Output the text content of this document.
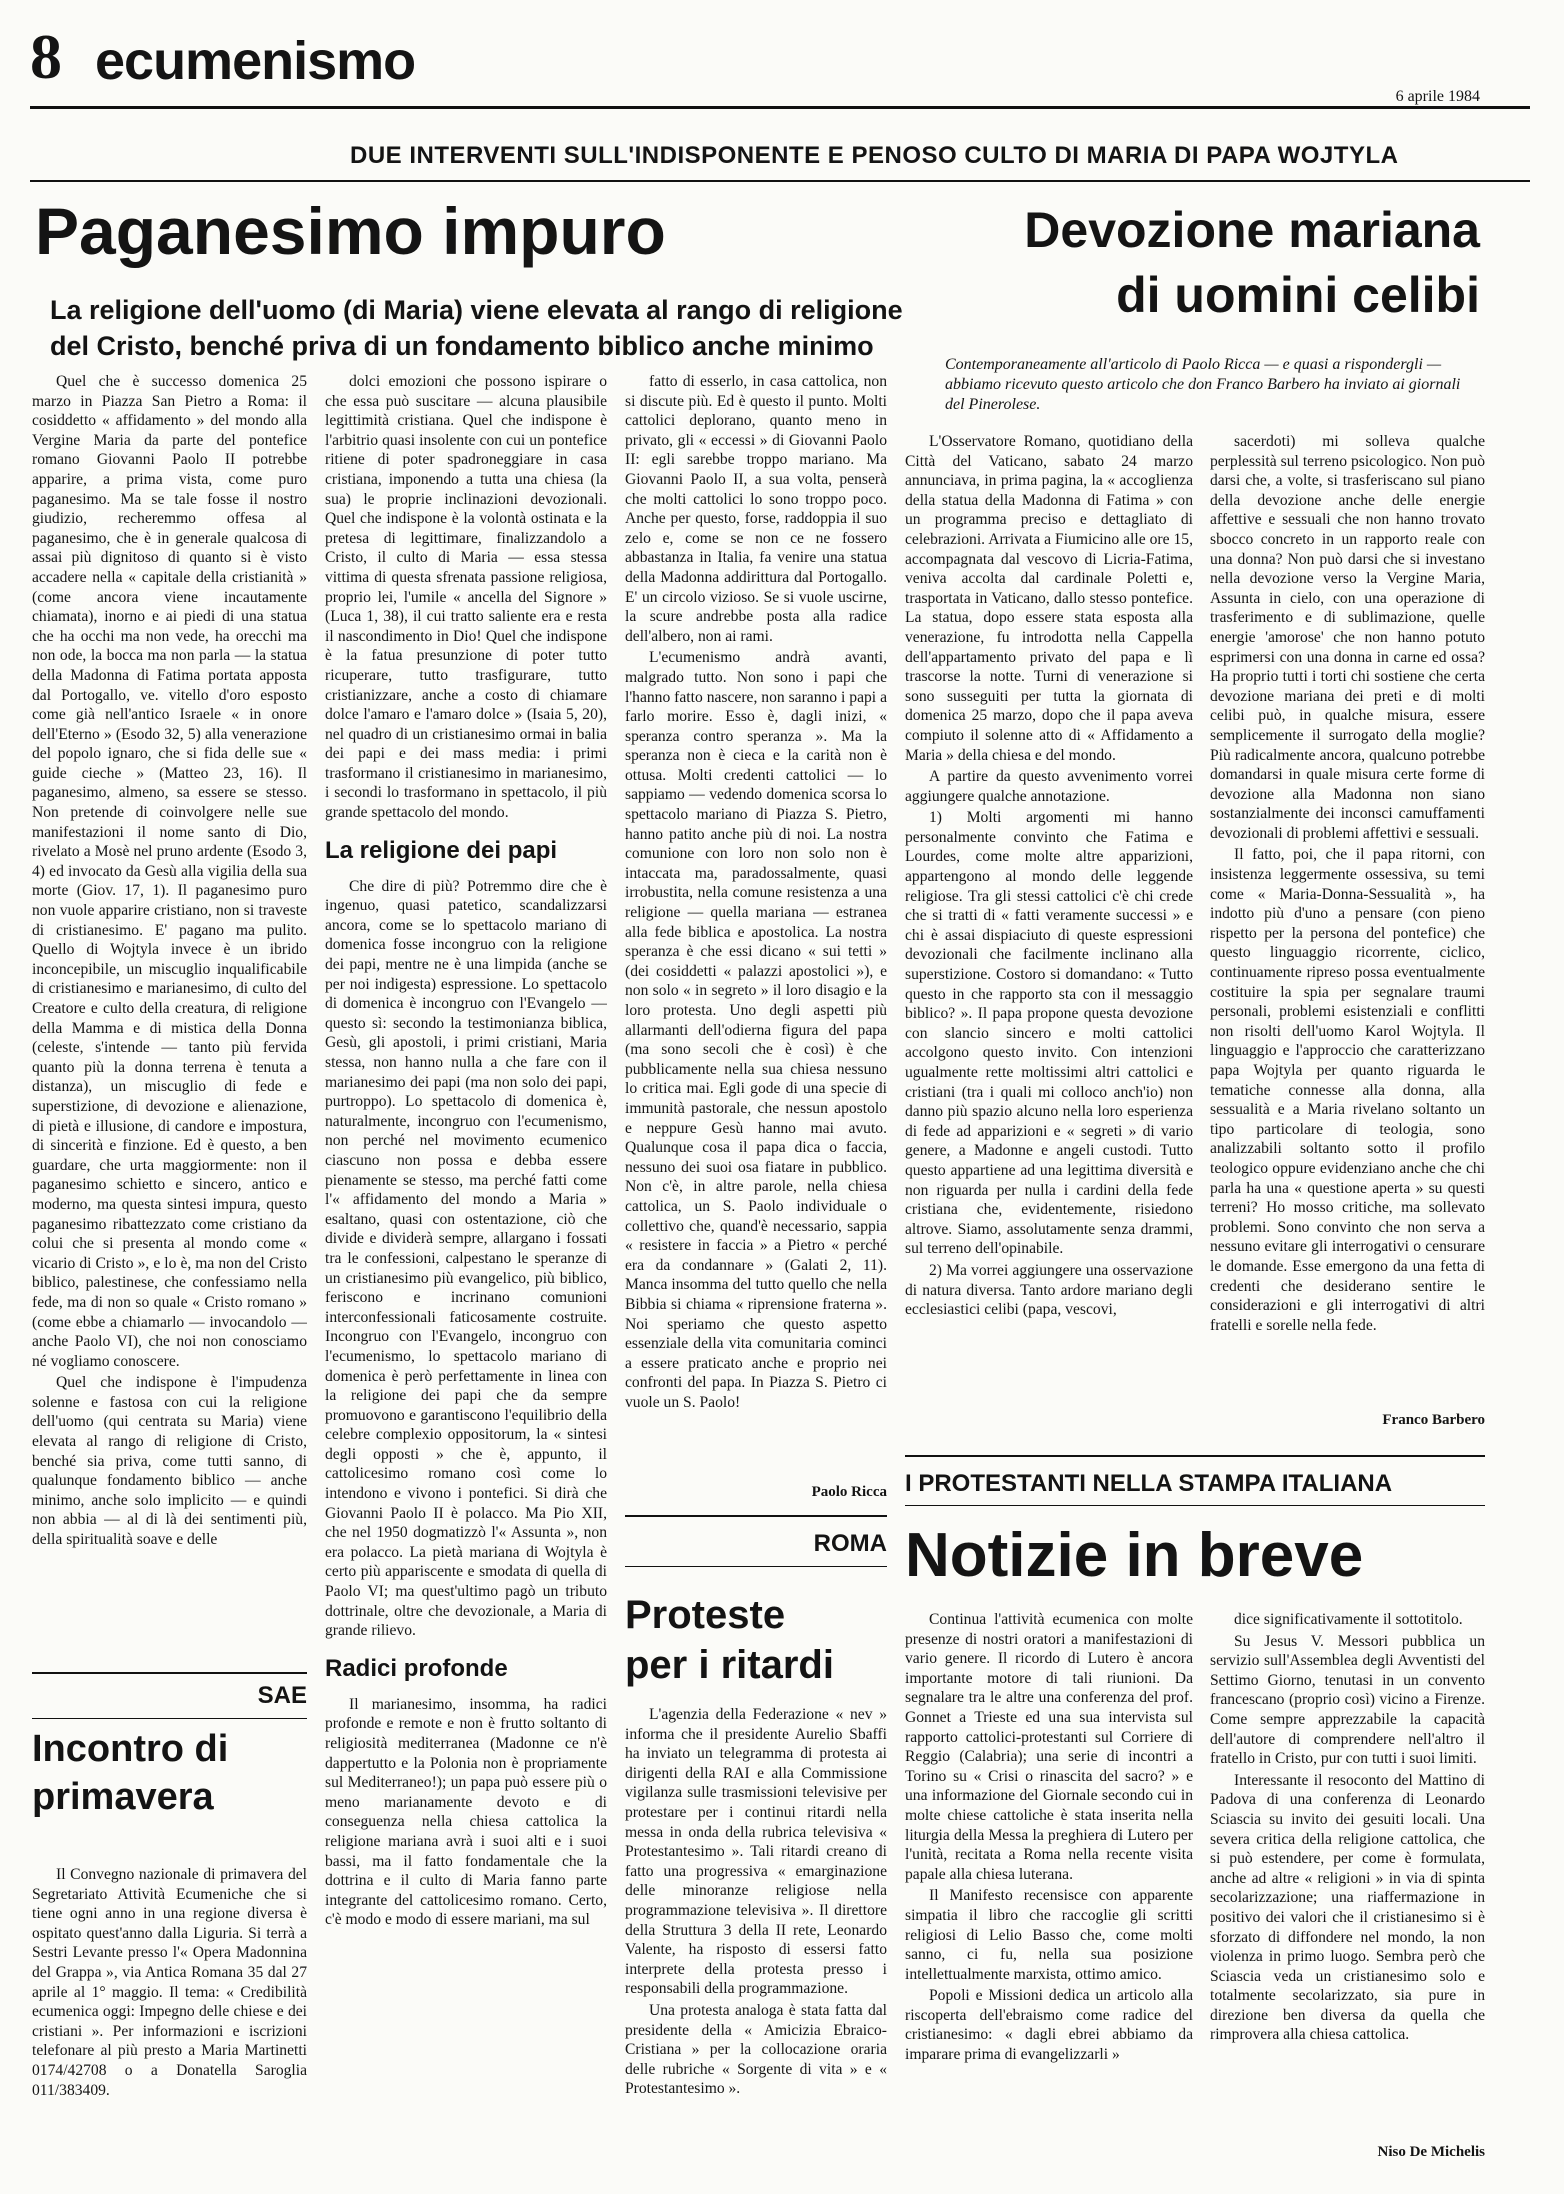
8 ecumenismo
6 aprile 1984
DUE INTERVENTI SULL'INDISPONENTE E PENOSO CULTO DI MARIA DI PAPA WOJTYLA
Paganesimo impuro
La religione dell'uomo (di Maria) viene elevata al rango di religione del Cristo, benché priva di un fondamento biblico anche minimo

Quel che è successo domenica 25 marzo in Piazza San Pietro a Roma: il cosiddetto « affidamento » del mondo alla Vergine Maria da parte del pontefice romano Giovanni Paolo II potrebbe apparire, a prima vista, come puro paganesimo. Ma se tale fosse il nostro giudizio, recheremmo offesa al paganesimo, che è in generale qualcosa di assai più dignitoso di quanto si è visto accadere nella « capitale della cristianità » (come ancora viene incautamente chiamata), inorno e ai piedi di una statua che ha occhi ma non vede, ha orecchi ma non ode, la bocca ma non parla — la statua della Madonna di Fatima portata apposta dal Portogallo, ve. vitello d'oro esposto come già nell'antico Israele « in onore dell'Eterno » (Esodo 32, 5) alla venerazione del popolo ignaro, che si fida delle sue « guide cieche » (Matteo 23, 16). Il paganesimo, almeno, sa essere se stesso. Non pretende di coinvolgere nelle sue manifestazioni il nome santo di Dio, rivelato a Mosè nel pruno ardente (Esodo 3, 4) ed invocato da Gesù alla vigilia della sua morte (Giov. 17, 1). Il paganesimo puro non vuole apparire cristiano, non si traveste di cristianesimo. E' pagano ma pulito. Quello di Wojtyla invece è un ibrido inconcepibile, un miscuglio inqualificabile di cristianesimo e marianesimo, di culto del Creatore e culto della creatura, di religione della Mamma e di mistica della Donna (celeste, s'intende — tanto più fervida quanto più la donna terrena è tenuta a distanza), un miscuglio di fede e superstizione, di devozione e alienazione, di pietà e illusione, di candore e impostura, di sincerità e finzione. Ed è questo, a ben guardare, che urta maggiormente: non il paganesimo schietto e sincero, antico e moderno, ma questa sintesi impura, questo paganesimo ribattezzato come cristiano da colui che si presenta al mondo come « vicario di Cristo », e lo è, ma non del Cristo biblico, palestinese, che confessiamo nella fede, ma di non so quale « Cristo romano » (come ebbe a chiamarlo — invocandolo — anche Paolo VI), che noi non conosciamo né vogliamo conoscere.

Quel che indispone è l'impudenza solenne e fastosa con cui la religione dell'uomo (qui centrata su Maria) viene elevata al rango di religione di Cristo, benché sia priva, come tutti sanno, di qualunque fondamento biblico — anche minimo, anche solo implicito — e quindi non abbia — al di là dei sentimenti più, della spiritualità soave e delle

dolci emozioni che possono ispirare o che essa può suscitare — alcuna plausibile legittimità cristiana. Quel che indispone è l'arbitrio quasi insolente con cui un pontefice ritiene di poter spadroneggiare in casa cristiana, imponendo a tutta una chiesa (la sua) le proprie inclinazioni devozionali. Quel che indispone è la volontà ostinata e la pretesa di legittimare, finalizzandolo a Cristo, il culto di Maria — essa stessa vittima di questa sfrenata passione religiosa, proprio lei, l'umile « ancella del Signore » (Luca 1, 38), il cui tratto saliente era e resta il nascondimento in Dio! Quel che indispone è la fatua presunzione di poter tutto ricuperare, tutto trasfigurare, tutto cristianizzare, anche a costo di chiamare dolce l'amaro e l'amaro dolce » (Isaia 5, 20), nel quadro di un cristianesimo ormai in balia dei papi e dei mass media: i primi trasformano il cristianesimo in marianesimo, i secondi lo trasformano in spettacolo, il più grande spettacolo del mondo.

La religione dei papi

Che dire di più? Potremmo dire che è ingenuo, quasi patetico, scandalizzarsi ancora, come se lo spettacolo mariano di domenica fosse incongruo con la religione dei papi, mentre ne è una limpida (anche se per noi indigesta) espressione. Lo spettacolo di domenica è incongruo con l'Evangelo — questo sì: secondo la testimonianza biblica, Gesù, gli apostoli, i primi cristiani, Maria stessa, non hanno nulla a che fare con il marianesimo dei papi (ma non solo dei papi, purtroppo). Lo spettacolo di domenica è, naturalmente, incongruo con l'ecumenismo, non perché nel movimento ecumenico ciascuno non possa e debba essere pienamente se stesso, ma perché fatti come l'« affidamento del mondo a Maria » esaltano, quasi con ostentazione, ciò che divide e dividerà sempre, allargano i fossati tra le confessioni, calpestano le speranze di un cristianesimo più evangelico, più biblico, feriscono e incrinano comunioni interconfessionali faticosamente costruite. Incongruo con l'Evangelo, incongruo con l'ecumenismo, lo spettacolo mariano di domenica è però perfettamente in linea con la religione dei papi che da sempre promuovono e garantiscono l'equilibrio della celebre complexio oppositorum, la « sintesi degli opposti » che è, appunto, il cattolicesimo romano così come lo intendono e vivono i pontefici. Si dirà che Giovanni Paolo II è polacco. Ma Pio XII, che nel 1950 dogmatizzò l'« Assunta », non era polacco. La pietà mariana di Wojtyla è certo più appariscente e smodata di quella di Paolo VI; ma quest'ultimo pagò un tributo dottrinale, oltre che devozionale, a Maria di grande rilievo.

Radici profonde

Il marianesimo, insomma, ha radici profonde e remote e non è frutto soltanto di religiosità mediterranea (Madonne ce n'è dappertutto e la Polonia non è propriamente sul Mediterraneo!); un papa può essere più o meno marianamente devoto e di conseguenza nella chiesa cattolica la religione mariana avrà i suoi alti e i suoi bassi, ma il fatto fondamentale che la dottrina e il culto di Maria fanno parte integrante del cattolicesimo romano. Certo, c'è modo e modo di essere mariani, ma sul

fatto di esserlo, in casa cattolica, non si discute più. Ed è questo il punto. Molti cattolici deplorano, quanto meno in privato, gli « eccessi » di Giovanni Paolo II: egli sarebbe troppo mariano. Ma Giovanni Paolo II, a sua volta, penserà che molti cattolici lo sono troppo poco. Anche per questo, forse, raddoppia il suo zelo e, come se non ce ne fossero abbastanza in Italia, fa venire una statua della Madonna addirittura dal Portogallo. E' un circolo vizioso. Se si vuole uscirne, la scure andrebbe posta alla radice dell'albero, non ai rami.

L'ecumenismo andrà avanti, malgrado tutto. Non sono i papi che l'hanno fatto nascere, non saranno i papi a farlo morire. Esso è, dagli inizi, « speranza contro speranza ». Ma la speranza non è cieca e la carità non è ottusa. Molti credenti cattolici — lo sappiamo — vedendo domenica scorsa lo spettacolo mariano di Piazza S. Pietro, hanno patito anche più di noi. La nostra comunione con loro non solo non è intaccata ma, paradossalmente, quasi irrobustita, nella comune resistenza a una religione — quella mariana — estranea alla fede biblica e apostolica. La nostra speranza è che essi dicano « sui tetti » (dei cosiddetti « palazzi apostolici »), e non solo « in segreto » il loro disagio e la loro protesta. Uno degli aspetti più allarmanti dell'odierna figura del papa (ma sono secoli che è così) è che pubblicamente nella sua chiesa nessuno lo critica mai. Egli gode di una specie di immunità pastorale, che nessun apostolo e neppure Gesù hanno mai avuto. Qualunque cosa il papa dica o faccia, nessuno dei suoi osa fiatare in pubblico. Non c'è, in altre parole, nella chiesa cattolica, un S. Paolo individuale o collettivo che, quand'è necessario, sappia « resistere in faccia » a Pietro « perché era da condannare » (Galati 2, 11). Manca insomma del tutto quello che nella Bibbia si chiama « riprensione fraterna ». Noi speriamo che questo aspetto essenziale della vita comunitaria cominci a essere praticato anche e proprio nei confronti del papa. In Piazza S. Pietro ci vuole un S. Paolo!

Paolo Ricca
Devozione mariana
di uomini celibi
Contemporaneamente all'articolo di Paolo Ricca — e quasi a rispondergli — abbiamo ricevuto questo articolo che don Franco Barbero ha inviato ai giornali del Pinerolese.

L'Osservatore Romano, quotidiano della Città del Vaticano, sabato 24 marzo annunciava, in prima pagina, la « accoglienza della statua della Madonna di Fatima » con un programma preciso e dettagliato di celebrazioni. Arrivata a Fiumicino alle ore 15, accompagnata dal vescovo di Licria-Fatima, veniva accolta dal cardinale Poletti e, trasportata in Vaticano, dallo stesso pontefice. La statua, dopo essere stata esposta alla venerazione, fu introdotta nella Cappella dell'appartamento privato del papa e lì trascorse la notte. Turni di venerazione si sono susseguiti per tutta la giornata di domenica 25 marzo, dopo che il papa aveva compiuto il solenne atto di « Affidamento a Maria » della chiesa e del mondo.

A partire da questo avvenimento vorrei aggiungere qualche annotazione.

1) Molti argomenti mi hanno personalmente convinto che Fatima e Lourdes, come molte altre apparizioni, appartengono al mondo delle leggende religiose. Tra gli stessi cattolici c'è chi crede che si tratti di « fatti veramente successi » e chi è assai dispiaciuto di queste espressioni devozionali che facilmente inclinano alla superstizione. Costoro si domandano: « Tutto questo in che rapporto sta con il messaggio biblico? ». Il papa propone questa devozione con slancio sincero e molti cattolici accolgono questo invito. Con intenzioni ugualmente rette moltissimi altri cattolici e cristiani (tra i quali mi colloco anch'io) non danno più spazio alcuno nella loro esperienza di fede ad apparizioni e « segreti » di vario genere, a Madonne e angeli custodi. Tutto questo appartiene ad una legittima diversità e non riguarda per nulla i cardini della fede cristiana che, evidentemente, risiedono altrove. Siamo, assolutamente senza drammi, sul terreno dell'opinabile.

2) Ma vorrei aggiungere una osservazione di natura diversa. Tanto ardore mariano degli ecclesiastici celibi (papa, vescovi,

sacerdoti) mi solleva qualche perplessità sul terreno psicologico. Non può darsi che, a volte, si trasferiscano sul piano della devozione anche delle energie affettive e sessuali che non hanno trovato sbocco concreto in un rapporto reale con una donna? Non può darsi che si investano nella devozione verso la Vergine Maria, Assunta in cielo, con una operazione di trasferimento e di sublimazione, quelle energie 'amorose' che non hanno potuto esprimersi con una donna in carne ed ossa? Ha proprio tutti i torti chi sostiene che certa devozione mariana dei preti e di molti celibi può, in qualche misura, essere semplicemente il surrogato della moglie? Più radicalmente ancora, qualcuno potrebbe domandarsi in quale misura certe forme di devozione alla Madonna non siano sostanzialmente dei inconsci camuffamenti devozionali di problemi affettivi e sessuali.

Il fatto, poi, che il papa ritorni, con insistenza leggermente ossessiva, su temi come « Maria-Donna-Sessualità », ha indotto più d'uno a pensare (con pieno rispetto per la persona del pontefice) che questo linguaggio ricorrente, ciclico, continuamente ripreso possa eventualmente costituire la spia per segnalare traumi personali, problemi esistenziali e conflitti non risolti dell'uomo Karol Wojtyla. Il linguaggio e l'approccio che caratterizzano papa Wojtyla per quanto riguarda le tematiche connesse alla donna, alla sessualità e a Maria rivelano soltanto un tipo particolare di teologia, sono analizzabili soltanto sotto il profilo teologico oppure evidenziano anche che chi parla ha una « questione aperta » su questi terreni? Ho mosso critiche, ma sollevato problemi. Sono convinto che non serva a nessuno evitare gli interrogativi o censurare le domande. Esse emergono da una fetta di credenti che desiderano sentire le considerazioni e gli interrogativi di altri fratelli e sorelle nella fede.

Franco Barbero
SAE
Incontro di
primavera

Il Convegno nazionale di primavera del Segretariato Attività Ecumeniche che si tiene ogni anno in una regione diversa è ospitato quest'anno dalla Liguria. Si terrà a Sestri Levante presso l'« Opera Madonnina del Grappa », via Antica Romana 35 dal 27 aprile al 1° maggio. Il tema: « Credibilità ecumenica oggi: Impegno delle chiese e dei cristiani ». Per informazioni e iscrizioni telefonare al più presto a Maria Martinetti 0174/42708 o a Donatella Saroglia 011/383409.

ROMA
Proteste
per i ritardi

L'agenzia della Federazione « nev » informa che il presidente Aurelio Sbaffi ha inviato un telegramma di protesta ai dirigenti della RAI e alla Commissione vigilanza sulle trasmissioni televisive per protestare per i continui ritardi nella messa in onda della rubrica televisiva « Protestantesimo ». Tali ritardi creano di fatto una progressiva « emarginazione delle minoranze religiose nella programmazione televisiva ». Il direttore della Struttura 3 della II rete, Leonardo Valente, ha risposto di essersi fatto interprete della protesta presso i responsabili della programmazione.

Una protesta analoga è stata fatta dal presidente della « Amicizia Ebraico-Cristiana » per la collocazione oraria delle rubriche « Sorgente di vita » e « Protestantesimo ».

I PROTESTANTI NELLA STAMPA ITALIANA
Notizie in breve

Continua l'attività ecumenica con molte presenze di nostri oratori a manifestazioni di vario genere. Il ricordo di Lutero è ancora importante motore di tali riunioni. Da segnalare tra le altre una conferenza del prof. Gonnet a Trieste ed una sua intervista sul rapporto cattolici-protestanti sul Corriere di Reggio (Calabria); una serie di incontri a Torino su « Crisi o rinascita del sacro? » e una informazione del Giornale secondo cui in molte chiese cattoliche è stata inserita nella liturgia della Messa la preghiera di Lutero per l'unità, recitata a Roma nella recente visita papale alla chiesa luterana.

Il Manifesto recensisce con apparente simpatia il libro che raccoglie gli scritti religiosi di Lelio Basso che, come molti sanno, ci fu, nella sua posizione intellettualmente marxista, ottimo amico.

Popoli e Missioni dedica un articolo alla riscoperta dell'ebraismo come radice del cristianesimo: « dagli ebrei abbiamo da imparare prima di evangelizzarli »

dice significativamente il sottotitolo.

Su Jesus V. Messori pubblica un servizio sull'Assemblea degli Avventisti del Settimo Giorno, tenutasi in un convento francescano (proprio così) vicino a Firenze. Come sempre apprezzabile la capacità dell'autore di comprendere nell'altro il fratello in Cristo, pur con tutti i suoi limiti.

Interessante il resoconto del Mattino di Padova di una conferenza di Leonardo Sciascia su invito dei gesuiti locali. Una severa critica della religione cattolica, che si può estendere, per come è formulata, anche ad altre « religioni » in via di spinta secolarizzazione; una riaffermazione in positivo dei valori che il cristianesimo si è sforzato di diffondere nel mondo, la non violenza in primo luogo. Sembra però che Sciascia veda un cristianesimo solo e totalmente secolarizzato, sia pure in direzione ben diversa da quella che rimprovera alla chiesa cattolica.

Niso De Michelis
